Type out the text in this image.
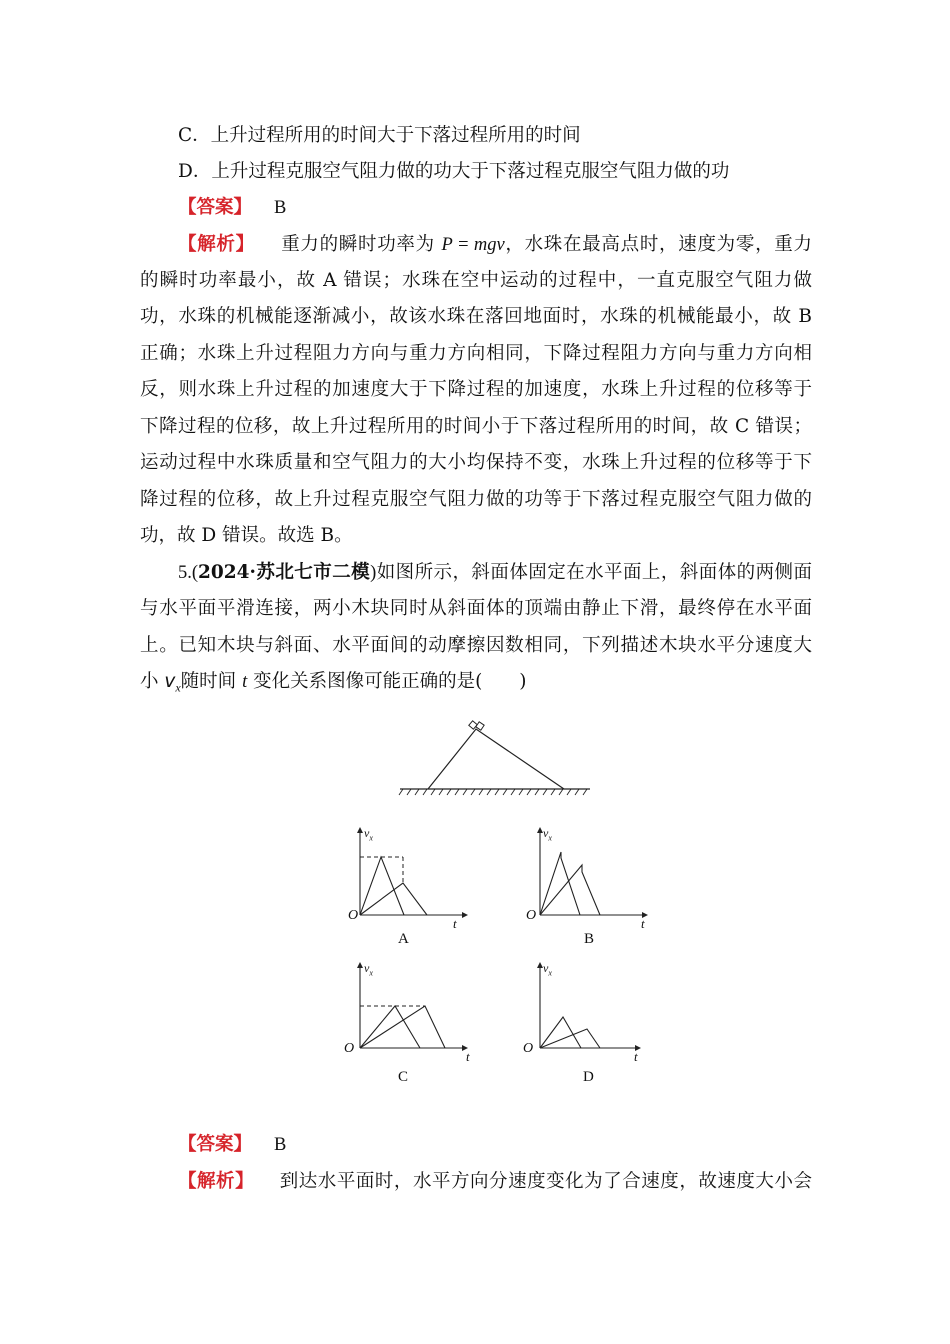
C．上升过程所用的时间大于下落过程所用的时间
D．上升过程克服空气阻力做的功大于下落过程克服空气阻力做的功
【答案】 B
【解析】 重力的瞬时功率为 P = mgv，水珠在最高点时，速度为零，重力
的瞬时功率最小，故 A 错误；水珠在空中运动的过程中，一直克服空气阻力做
功，水珠的机械能逐渐减小，故该水珠在落回地面时，水珠的机械能最小，故 B
正确；水珠上升过程阻力方向与重力方向相同，下降过程阻力方向与重力方向相
反，则水珠上升过程的加速度大于下降过程的加速度，水珠上升过程的位移等于
下降过程的位移，故上升过程所用的时间小于下落过程所用的时间，故 C 错误；
运动过程中水珠质量和空气阻力的大小均保持不变，水珠上升过程的位移等于下
降过程的位移，故上升过程克服空气阻力做的功等于下落过程克服空气阻力做的
功，故 D 错误。故选 B。
5.(2024·苏北七市二模)如图所示，斜面体固定在水平面上，斜面体的两侧面
与水平面平滑连接，两小木块同时从斜面体的顶端由静止下滑，最终停在水平面
上。已知木块与斜面、水平面间的动摩擦因数相同，下列描述木块水平分速度大
小 $v_x$随时间 t 变化关系图像可能正确的是(　　)
$v_x$
O
t
A
$v_x$
O
t
B
$v_x$
O
t
C
$v_x$
O
t
D
【答案】 B
【解析】 到达水平面时，水平方向分速度变化为了合速度，故速度大小会
